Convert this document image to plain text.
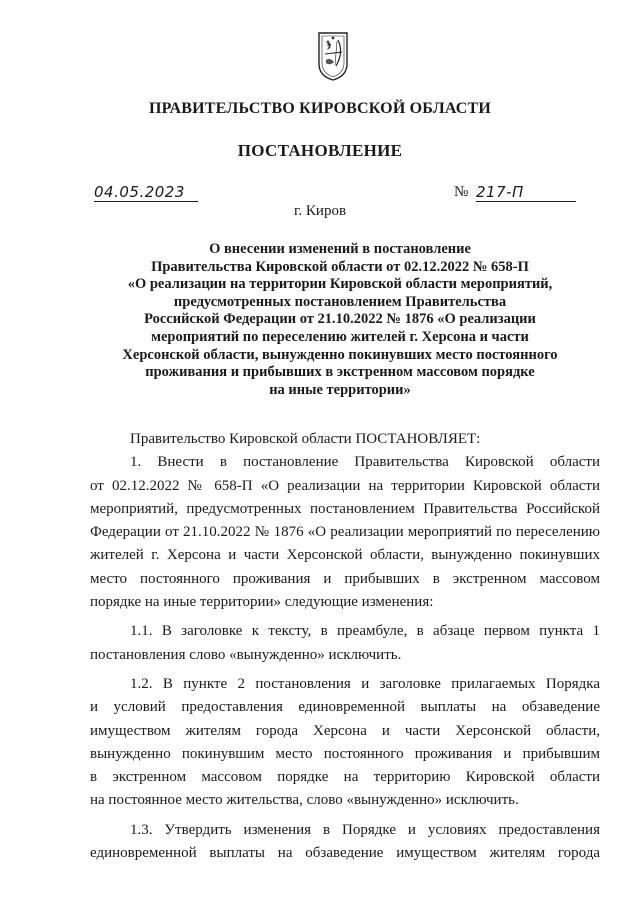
ПРАВИТЕЛЬСТВО КИРОВСКОЙ ОБЛАСТИ
ПОСТАНОВЛЕНИЕ
04.05.2023	№ 217-П
г. Киров
О внесении изменений в постановление
Правительства Кировской области от 02.12.2022 № 658-П
«О реализации на территории Кировской области мероприятий,
предусмотренных постановлением Правительства
Российской Федерации от 21.10.2022 № 1876 «О реализации
мероприятий по переселению жителей г. Херсона и части
Херсонской области, вынужденно покинувших место постоянного
проживания и прибывших в экстренном массовом порядке
на иные территории»
Правительство Кировской области ПОСТАНОВЛЯЕТ:
1. Внести в постановление Правительства Кировской области
от 02.12.2022 № 658-П «О реализации на территории Кировской области
мероприятий, предусмотренных постановлением Правительства Российской
Федерации от 21.10.2022 № 1876 «О реализации мероприятий по переселению
жителей г. Херсона и части Херсонской области, вынужденно покинувших
место постоянного проживания и прибывших в экстренном массовом
порядке на иные территории» следующие изменения:
1.1. В заголовке к тексту, в преамбуле, в абзаце первом пункта 1
постановления слово «вынужденно» исключить.
1.2. В пункте 2 постановления и заголовке прилагаемых Порядка
и условий предоставления единовременной выплаты на обзаведение
имуществом жителям города Херсона и части Херсонской области,
вынужденно покинувшим место постоянного проживания и прибывшим
в экстренном массовом порядке на территорию Кировской области
на постоянное место жительства, слово «вынужденно» исключить.
1.3. Утвердить изменения в Порядке и условиях предоставления
единовременной выплаты на обзаведение имуществом жителям города
